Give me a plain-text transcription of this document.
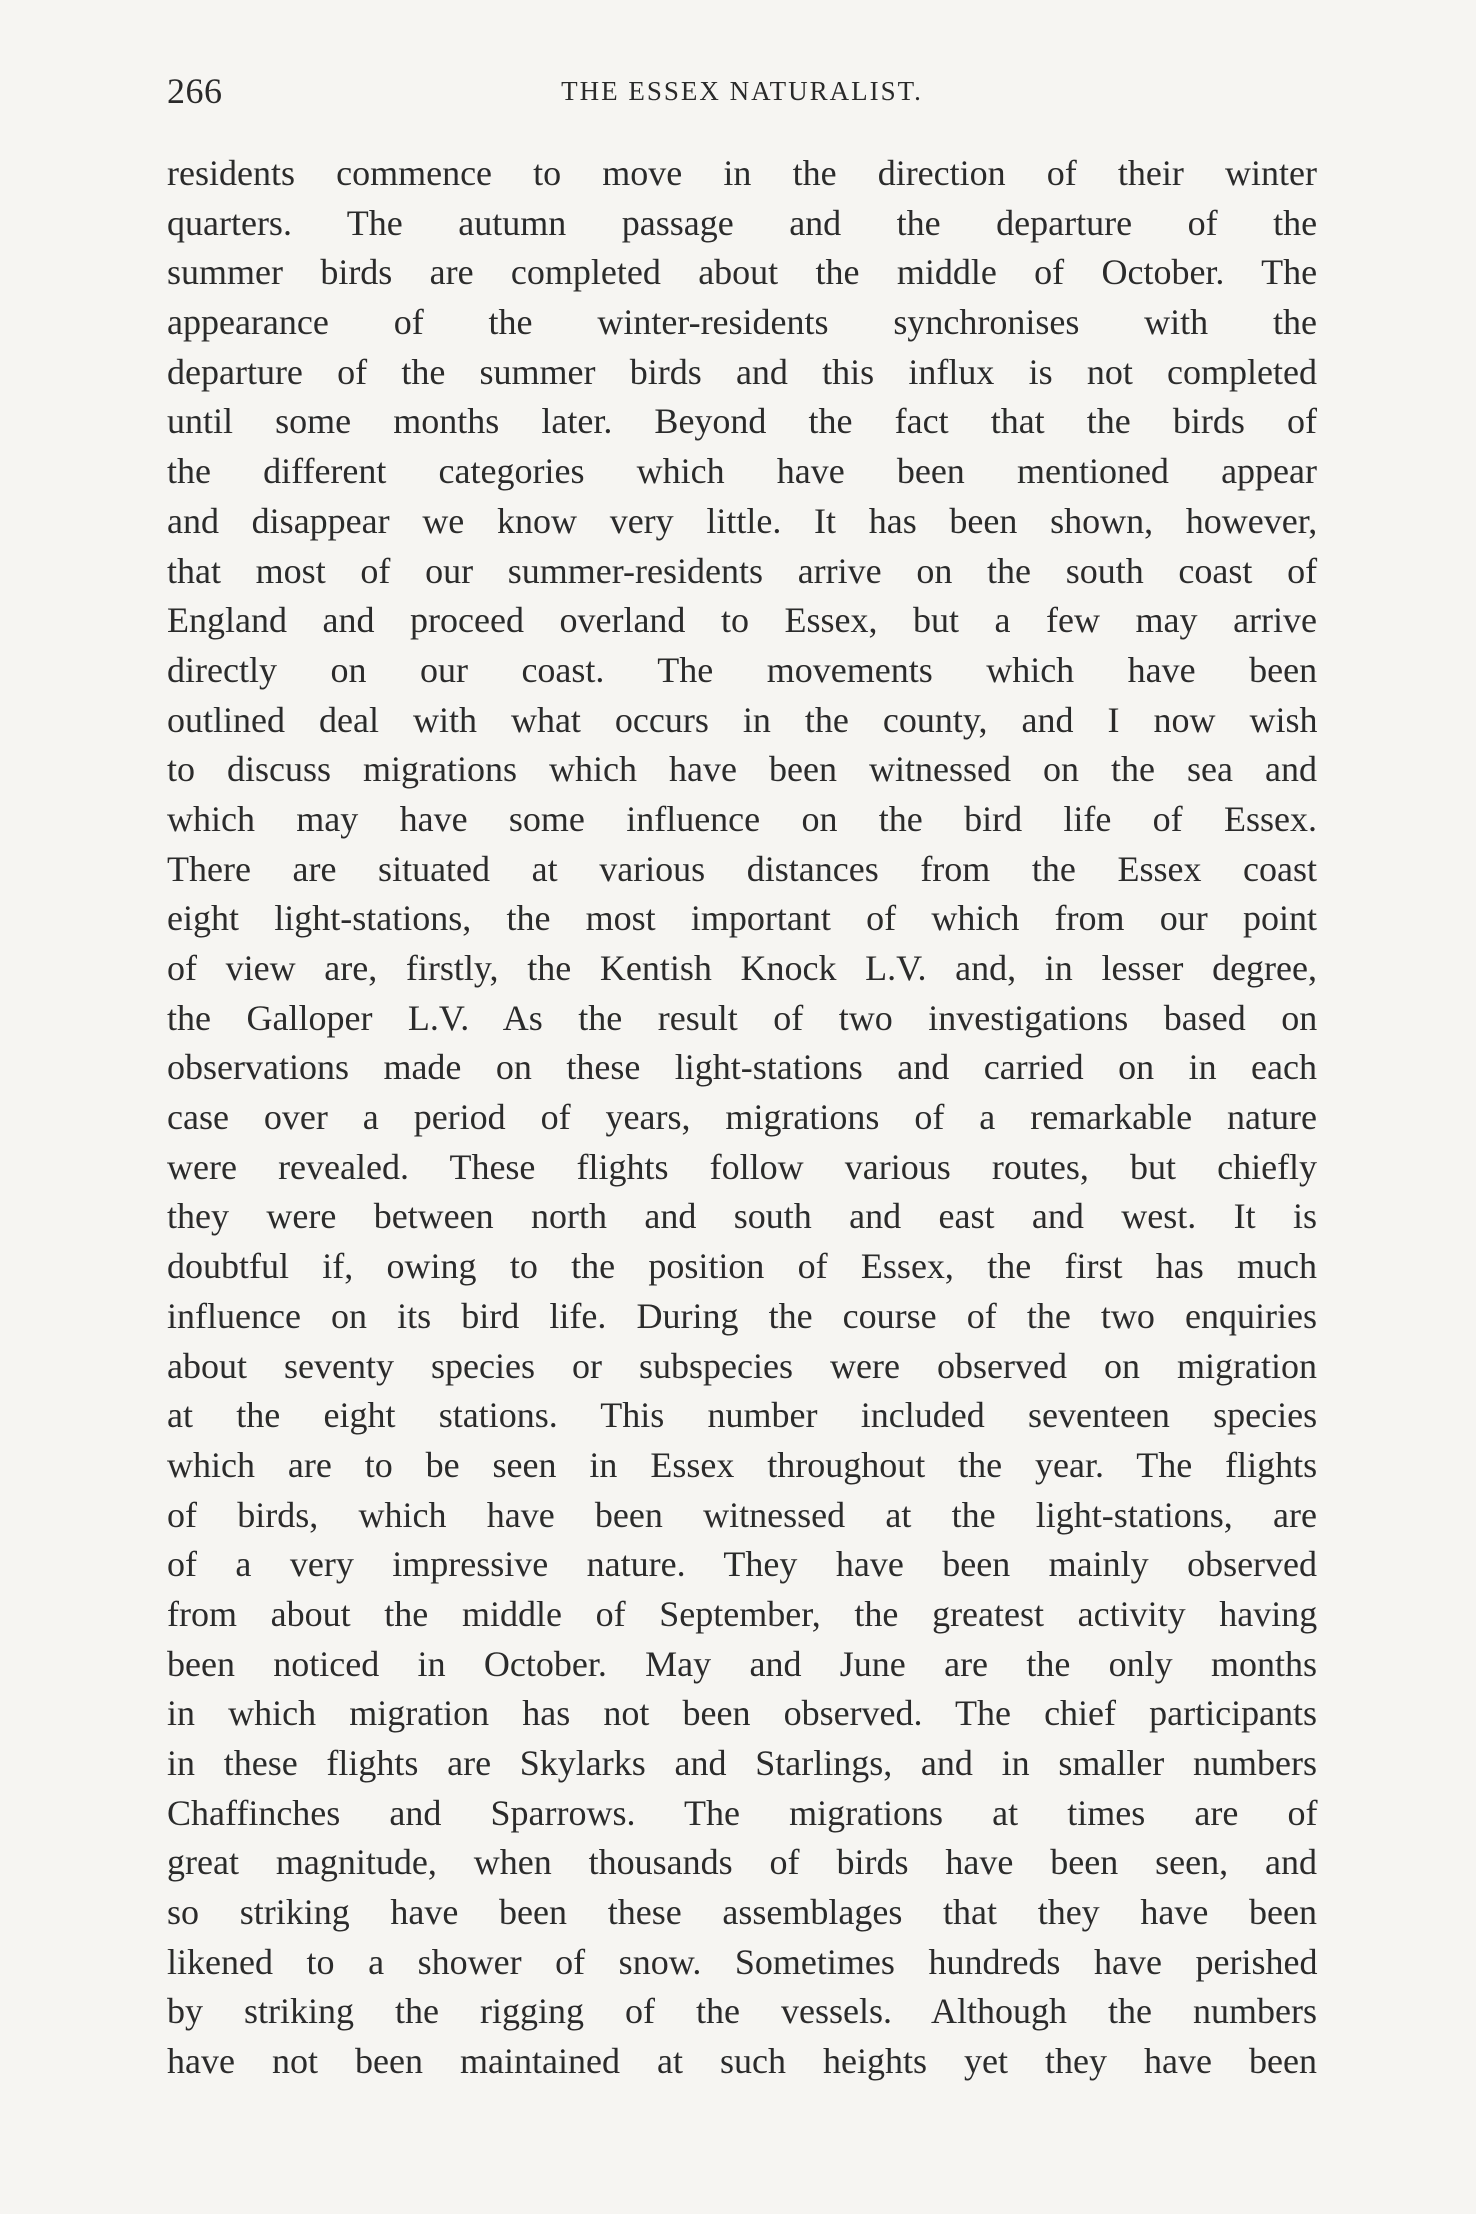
266	THE ESSEX NATURALIST.
residents commence to move in the direction of their winter
quarters. The autumn passage and the departure of the
summer birds are completed about the middle of October. The
appearance of the winter-residents synchronises with the
departure of the summer birds and this influx is not completed
until some months later. Beyond the fact that the birds of
the different categories which have been mentioned appear
and disappear we know very little. It has been shown, however,
that most of our summer-residents arrive on the south coast of
England and proceed overland to Essex, but a few may arrive
directly on our coast. The movements which have been
outlined deal with what occurs in the county, and I now wish
to discuss migrations which have been witnessed on the sea and
which may have some influence on the bird life of Essex.
There are situated at various distances from the Essex coast
eight light-stations, the most important of which from our point
of view are, firstly, the Kentish Knock L.V. and, in lesser degree,
the Galloper L.V. As the result of two investigations based on
observations made on these light-stations and carried on in each
case over a period of years, migrations of a remarkable nature
were revealed. These flights follow various routes, but chiefly
they were between north and south and east and west. It is
doubtful if, owing to the position of Essex, the first has much
influence on its bird life. During the course of the two enquiries
about seventy species or subspecies were observed on migration
at the eight stations. This number included seventeen species
which are to be seen in Essex throughout the year. The flights
of birds, which have been witnessed at the light-stations, are
of a very impressive nature. They have been mainly observed
from about the middle of September, the greatest activity having
been noticed in October. May and June are the only months
in which migration has not been observed. The chief participants
in these flights are Skylarks and Starlings, and in smaller numbers
Chaffinches and Sparrows. The migrations at times are of
great magnitude, when thousands of birds have been seen, and
so striking have been these assemblages that they have been
likened to a shower of snow. Sometimes hundreds have perished
by striking the rigging of the vessels. Although the numbers
have not been maintained at such heights yet they have been
